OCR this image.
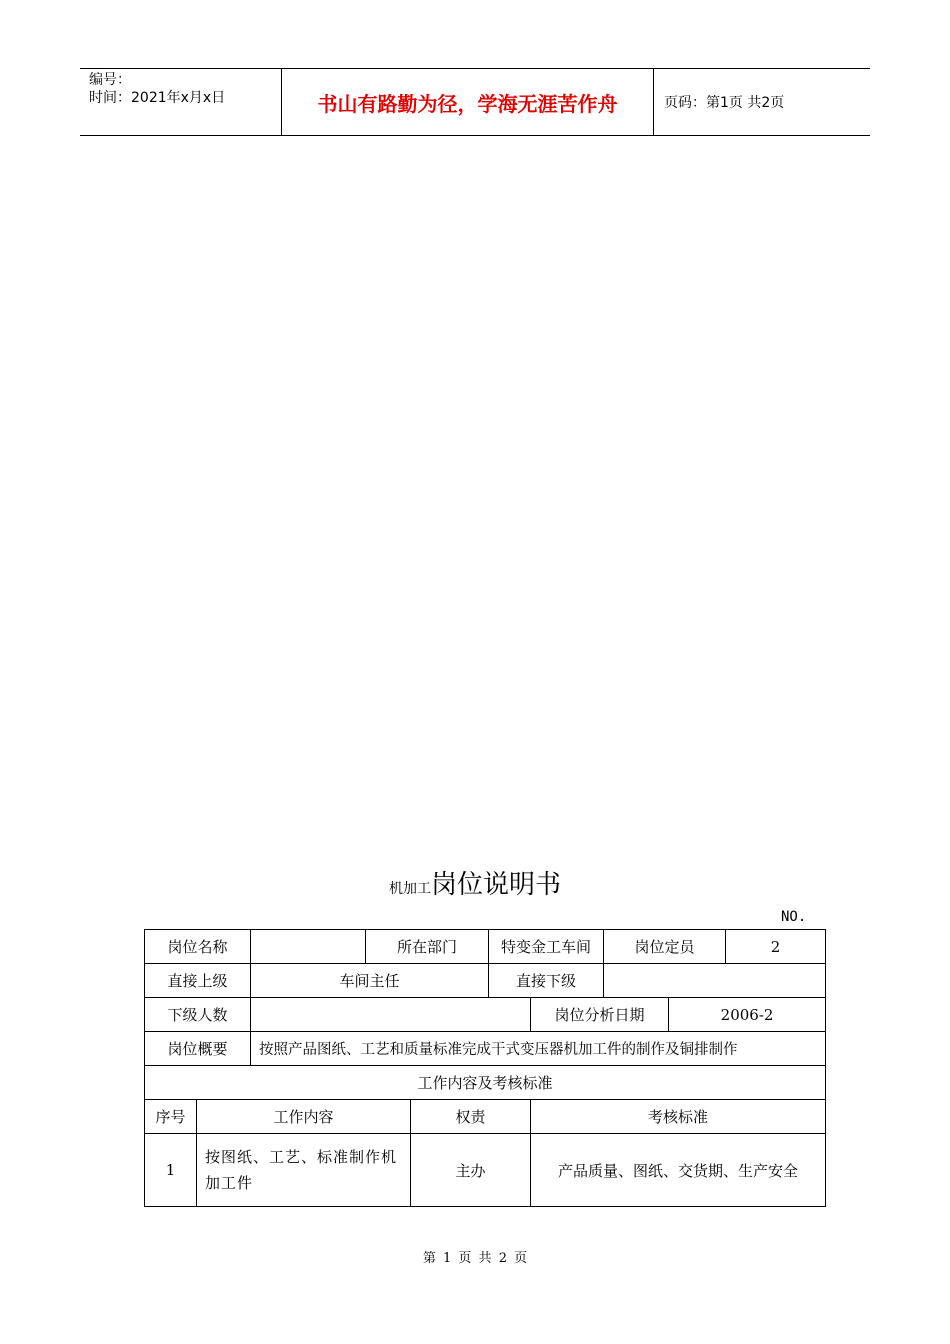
编号：
时间：2021年x月x日	书山有路勤为径，学海无涯苦作舟	页码：第1页 共2页
机加工岗位说明书
NO.
岗位名称			所在部门		特变金工车间		岗位定员		2
直接上级		车间主任			直接下级				
下级人数						岗位分析日期		2006-2	
岗位概要		按照产品图纸、工艺和质量标准完成干式变压器机加工件的制作及铜排制作							
工作内容及考核标准									
序号	工作内容			权责		考核标准			
1	按图纸、工艺、标准制作机加工件			主办		产品质量、图纸、交货期、生产安全			
第 1 页 共 2 页
